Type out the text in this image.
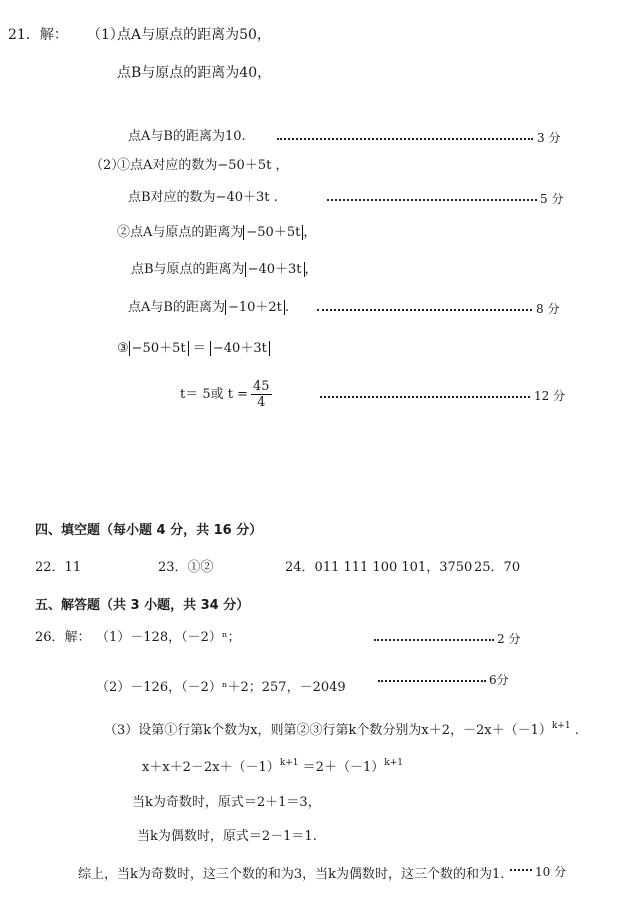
21．解： （1）
点A与原点的距离为50，
点B与原点的距离为40，
点A与B的距离为10.	3 分
（2）
①点A对应的数为−50＋5t ，
点B对应的数为−40＋3t .	5 分
②点A与原点的距离为 −50＋5t ，
点B与原点的距离为 −40＋3t ，
点A与B的距离为 −10＋2t .	8 分
③ −50＋5t ＝ −40＋3t
t＝ 5或 $t = \frac{45}{4}$	12 分
四、填空题（每小题 4 分，共 16 分）
22．11	23．①②	24．011 111 100 101，3750 25．70
五、解答题（共 3 小题，共 34 分）
26．解： （1）－128，（－2）ⁿ；	2 分
（2）－126，（－2）ⁿ＋2；257，－2049	6分
（3）设第①行第k个数为x，则第②③行第k个数分别为x＋2，$-2x+(-1)^{k+1}$ .
$x+x+2-2x+(-1)^{k+1} =2+(-1)^{k+1}$
当k为奇数时，原式＝2＋1＝3，
当k为偶数时，原式＝2－1＝1.
综上，当k为奇数时，这三个数的和为3，当k为偶数时，这三个数的和为1.	10 分
